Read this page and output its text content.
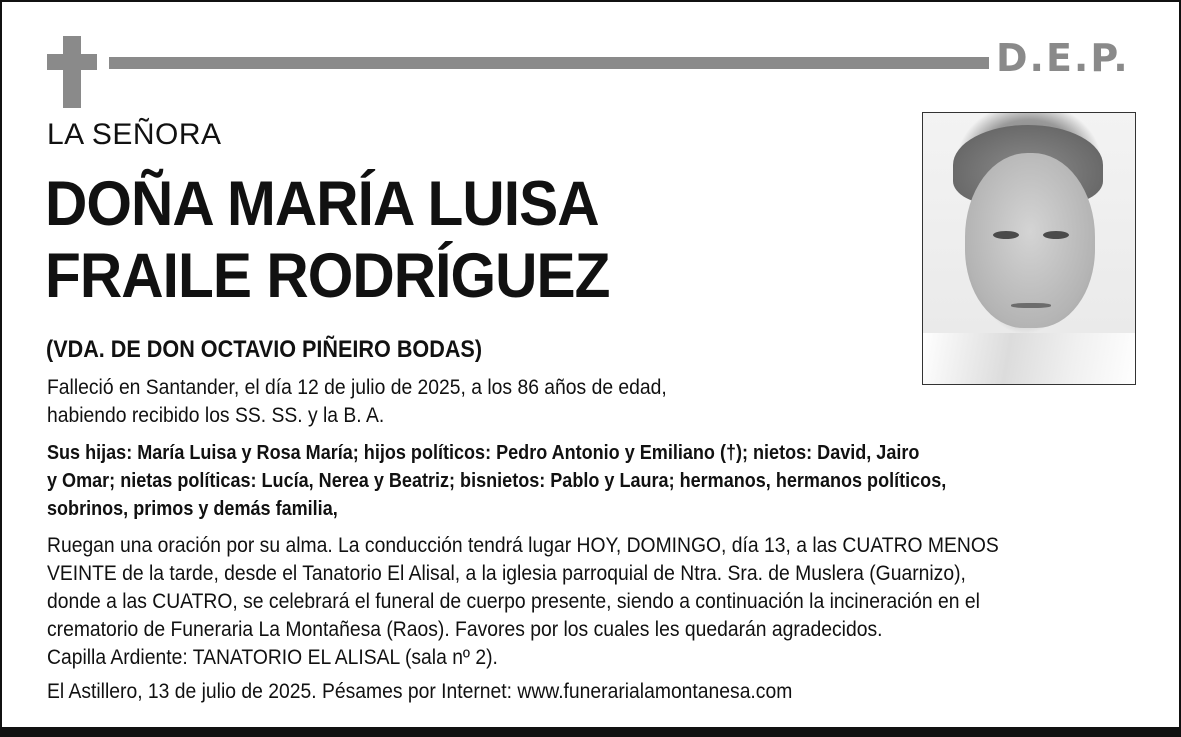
D.E.P.
LA SEÑORA
DOÑA MARÍA LUISA
FRAILE RODRÍGUEZ
(VDA. DE DON OCTAVIO PIÑEIRO BODAS)
Falleció en Santander, el día 12 de julio de 2025, a los 86 años de edad,
habiendo recibido los SS. SS. y la B. A.
Sus hijas: María Luisa y Rosa María; hijos políticos: Pedro Antonio y Emiliano (†); nietos: David, Jairo
y Omar; nietas políticas: Lucía, Nerea y Beatriz; bisnietos: Pablo y Laura; hermanos, hermanos políticos,
sobrinos, primos y demás familia,
Ruegan una oración por su alma. La conducción tendrá lugar HOY, DOMINGO, día 13, a las CUATRO MENOS
VEINTE de la tarde, desde el Tanatorio El Alisal, a la iglesia parroquial de Ntra. Sra. de Muslera (Guarnizo),
donde a las CUATRO, se celebrará el funeral de cuerpo presente, siendo a continuación la incineración en el
crematorio de Funeraria La Montañesa (Raos). Favores por los cuales les quedarán agradecidos.
Capilla Ardiente: TANATORIO EL ALISAL (sala nº 2).
El Astillero, 13 de julio de 2025. Pésames por Internet: www.funerarialamontanesa.com
